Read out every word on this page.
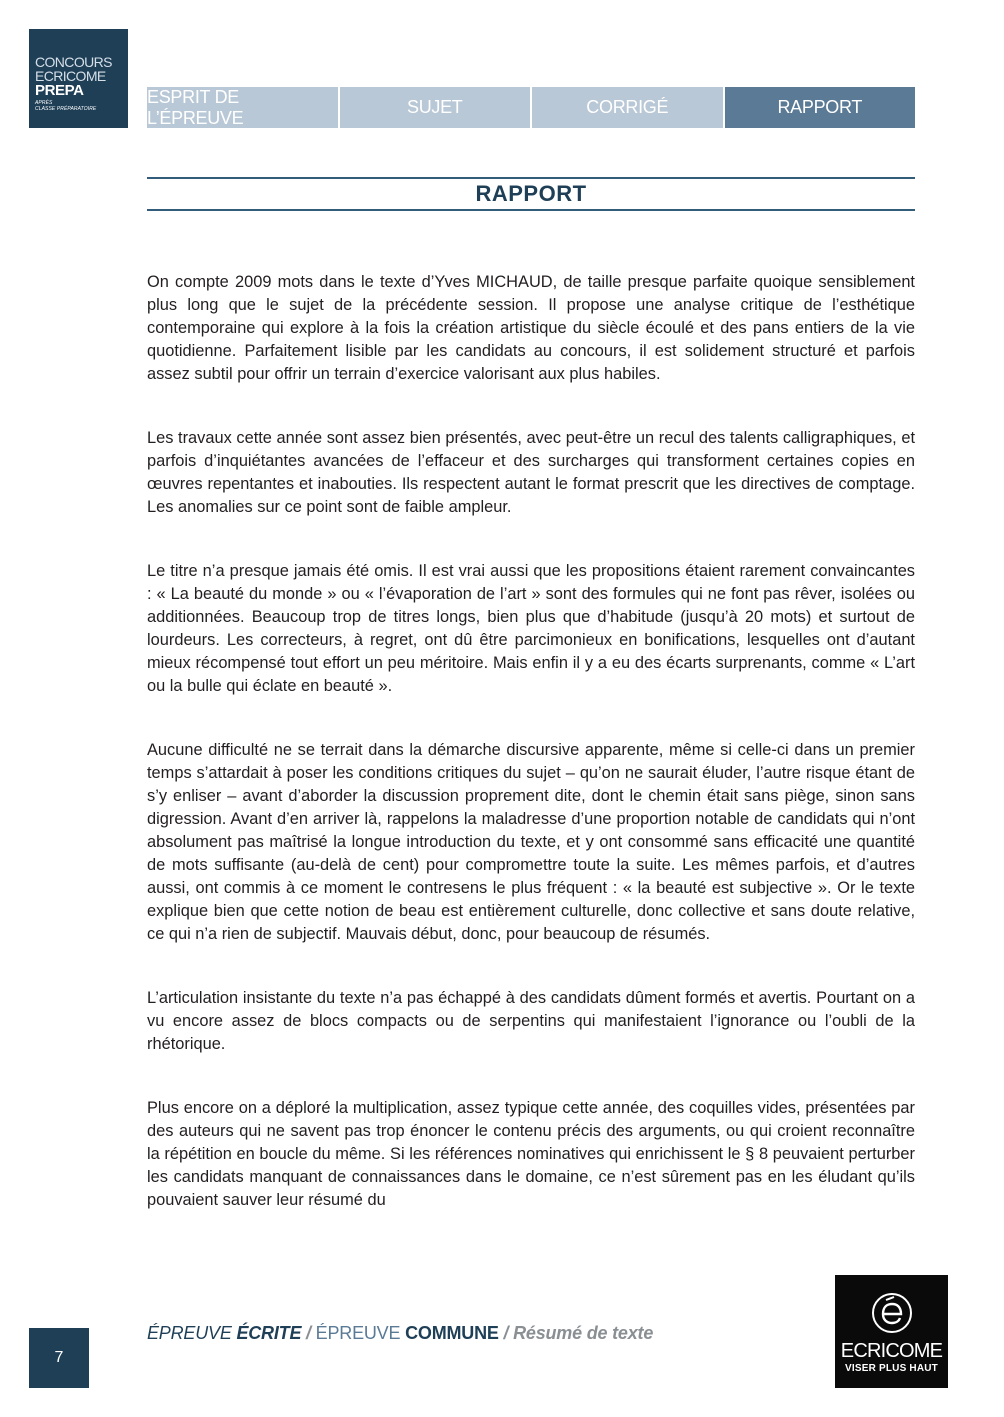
CONCOURS
ECRICOME
PREPA
APRÈS
CLASSE PRÉPARATOIRE
ESPRIT DE L’ÉPREUVE
SUJET	CORRIGÉ	RAPPORT
RAPPORT

On compte 2009 mots dans le texte d’Yves MICHAUD, de taille presque parfaite quoique sensiblement plus long que le sujet de la précédente session. Il propose une analyse critique de l’esthétique contemporaine qui explore à la fois la création artistique du siècle écoulé et des pans entiers de la vie quotidienne. Parfaitement lisible par les candidats au concours, il est solidement structuré et parfois assez subtil pour offrir un terrain d’exercice valorisant aux plus habiles.

Les travaux cette année sont assez bien présentés, avec peut-être un recul des talents calligraphiques, et parfois d’inquiétantes avancées de l’effaceur et des surcharges qui transforment certaines copies en œuvres repentantes et inabouties. Ils respectent autant le format prescrit que les directives de comptage. Les anomalies sur ce point sont de faible ampleur.

Le titre n’a presque jamais été omis. Il est vrai aussi que les propositions étaient rarement convaincantes : « La beauté du monde » ou « l’évaporation de l’art » sont des formules qui ne font pas rêver, isolées ou additionnées. Beaucoup trop de titres longs, bien plus que d’habitude (jusqu’à 20 mots) et surtout de lourdeurs. Les correcteurs, à regret, ont dû être parcimonieux en bonifications, lesquelles ont d’autant mieux récompensé tout effort un peu méritoire. Mais enfin il y a eu des écarts surprenants, comme « L’art ou la bulle qui éclate en beauté ».

Aucune difficulté ne se terrait dans la démarche discursive apparente, même si celle-ci dans un premier temps s’attardait à poser les conditions critiques du sujet – qu’on ne saurait éluder, l’autre risque étant de s’y enliser – avant d’aborder la discussion proprement dite, dont le chemin était sans piège, sinon sans digression. Avant d’en arriver là, rappelons la maladresse d’une proportion notable de candidats qui n’ont absolument pas maîtrisé la longue introduction du texte, et y ont consommé sans efficacité une quantité de mots suffisante (au-delà de cent) pour compromettre toute la suite. Les mêmes parfois, et d’autres aussi, ont commis à ce moment le contresens le plus fréquent : « la beauté est subjective ». Or le texte explique bien que cette notion de beau est entièrement culturelle, donc collective et sans doute relative, ce qui n’a rien de subjectif. Mauvais début, donc, pour beaucoup de résumés.

L’articulation insistante du texte n’a pas échappé à des candidats dûment formés et avertis. Pourtant on a vu encore assez de blocs compacts ou de serpentins qui manifestaient l’ignorance ou l’oubli de la rhétorique.

Plus encore on a déploré la multiplication, assez typique cette année, des coquilles vides, présentées par des auteurs qui ne savent pas trop énoncer le contenu précis des arguments, ou qui croient reconnaître la répétition en boucle du même. Si les références nominatives qui enrichissent le § 8 peuvaient perturber les candidats manquant de connaissances dans le domaine, ce n’est sûrement pas en les éludant qu’ils pouvaient sauver leur résumé du

7
ÉPREUVE ÉCRITE / ÉPREUVE COMMUNE / Résumé de texte
ECRICOME
VISER PLUS HAUT
